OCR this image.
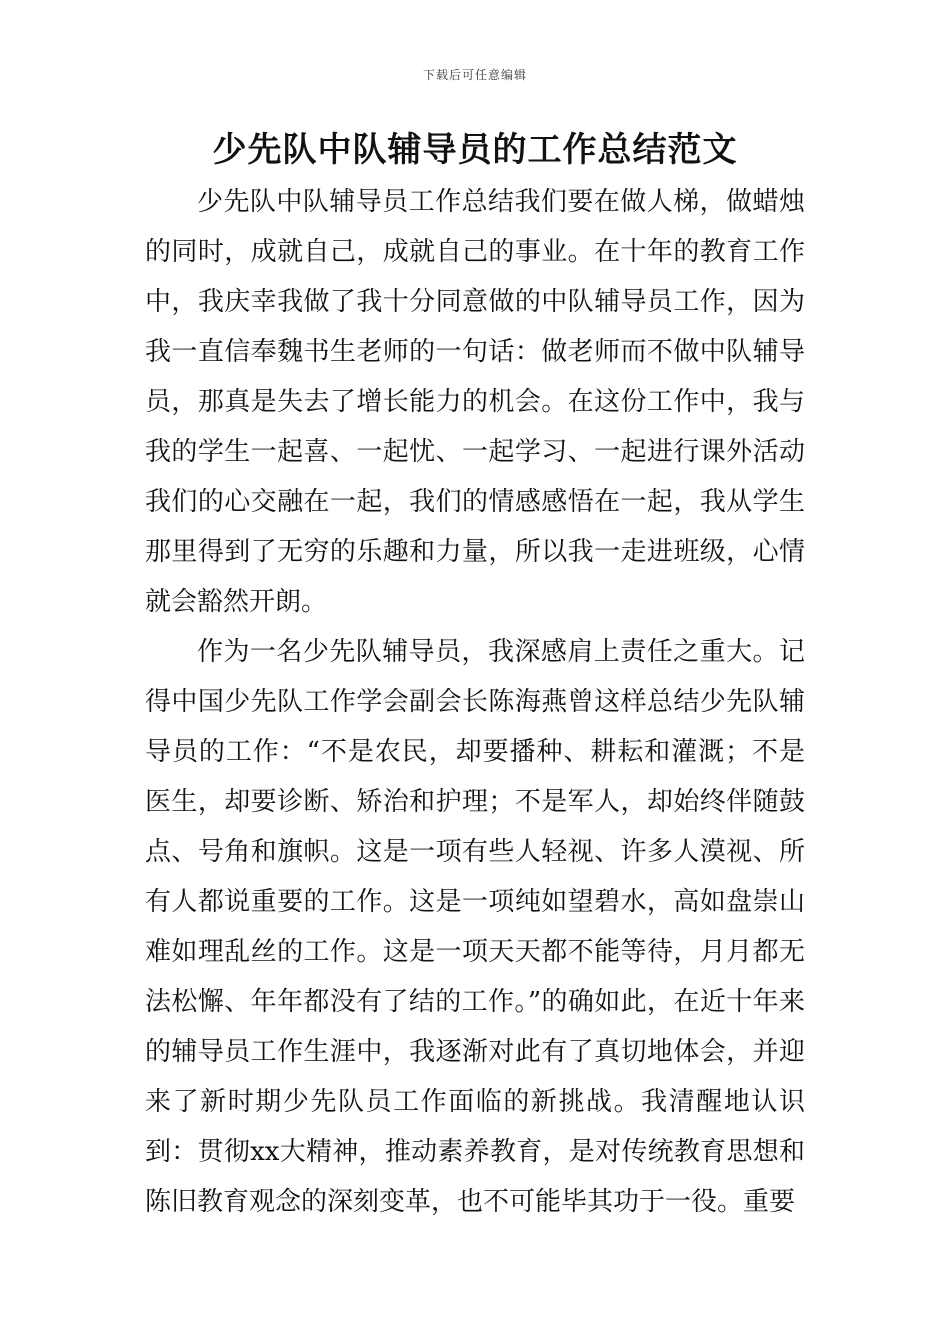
下载后可任意编辑
少先队中队辅导员的工作总结范文

少先队中队辅导员工作总结我们要在做人梯，做蜡烛的同时，成就自己，成就自己的事业。在十年的教育工作中，我庆幸我做了我十分同意做的中队辅导员工作，因为我一直信奉魏书生老师的一句话：做老师而不做中队辅导员，那真是失去了增长能力的机会。在这份工作中，我与我的学生一起喜、一起忧、一起学习、一起进行课外活动我们的心交融在一起，我们的情感感悟在一起，我从学生那里得到了无穷的乐趣和力量，所以我一走进班级，心情就会豁然开朗。

作为一名少先队辅导员，我深感肩上责任之重大。记得中国少先队工作学会副会长陈海燕曾这样总结少先队辅导员的工作：“不是农民，却要播种、耕耘和灌溉；不是医生，却要诊断、矫治和护理；不是军人，却始终伴随鼓点、号角和旗帜。这是一项有些人轻视、许多人漠视、所有人都说重要的工作。这是一项纯如望碧水，高如盘崇山难如理乱丝的工作。这是一项天天都不能等待，月月都无法松懈、年年都没有了结的工作。”的确如此，在近十年来的辅导员工作生涯中，我逐渐对此有了真切地体会，并迎来了新时期少先队员工作面临的新挑战。我清醒地认识到：贯彻xx大精神，推动素养教育，是对传统教育思想和陈旧教育观念的深刻变革，也不可能毕其功于一役。重要
